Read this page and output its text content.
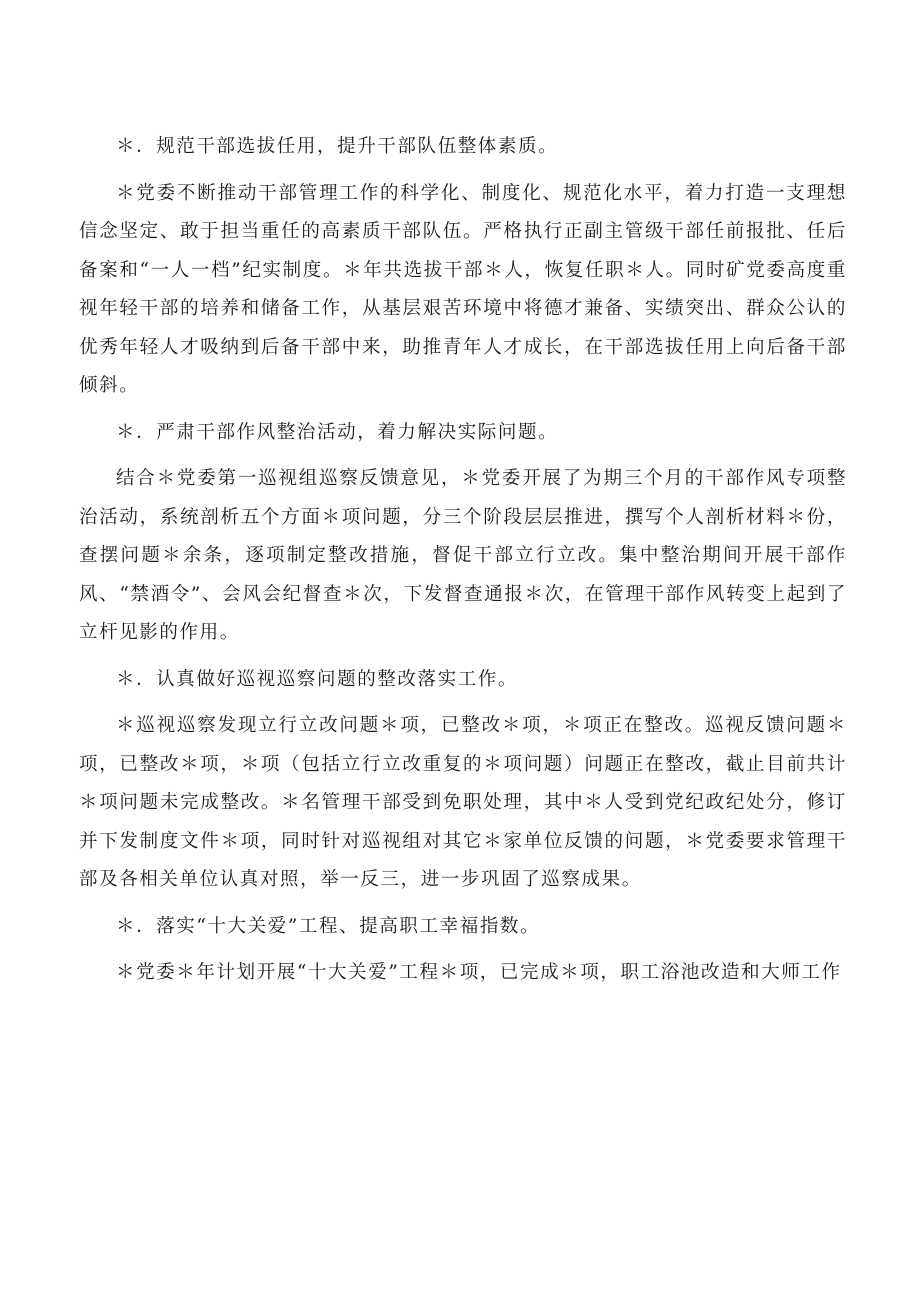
＊．规范干部选拔任用，提升干部队伍整体素质。

＊党委不断推动干部管理工作的科学化、制度化、规范化水平，着力打造一支理想信念坚定、敢于担当重任的高素质干部队伍。严格执行正副主管级干部任前报批、任后备案和“一人一档”纪实制度。＊年共选拔干部＊人，恢复任职＊人。同时矿党委高度重视年轻干部的培养和储备工作，从基层艰苦环境中将德才兼备、实绩突出、群众公认的优秀年轻人才吸纳到后备干部中来，助推青年人才成长，在干部选拔任用上向后备干部倾斜。

＊．严肃干部作风整治活动，着力解决实际问题。

结合＊党委第一巡视组巡察反馈意见，＊党委开展了为期三个月的干部作风专项整治活动，系统剖析五个方面＊项问题，分三个阶段层层推进，撰写个人剖析材料＊份，查摆问题＊余条，逐项制定整改措施，督促干部立行立改。集中整治期间开展干部作风、“禁酒令”、会风会纪督查＊次，下发督查通报＊次，在管理干部作风转变上起到了立杆见影的作用。

＊．认真做好巡视巡察问题的整改落实工作。

＊巡视巡察发现立行立改问题＊项，已整改＊项，＊项正在整改。巡视反馈问题＊项，已整改＊项，＊项（包括立行立改重复的＊项问题）问题正在整改，截止目前共计＊项问题未完成整改。＊名管理干部受到免职处理，其中＊人受到党纪政纪处分，修订并下发制度文件＊项，同时针对巡视组对其它＊家单位反馈的问题，＊党委要求管理干部及各相关单位认真对照，举一反三，进一步巩固了巡察成果。

＊．落实“十大关爱”工程、提高职工幸福指数。

＊党委＊年计划开展“十大关爱”工程＊项，已完成＊项，职工浴池改造和大师工作
